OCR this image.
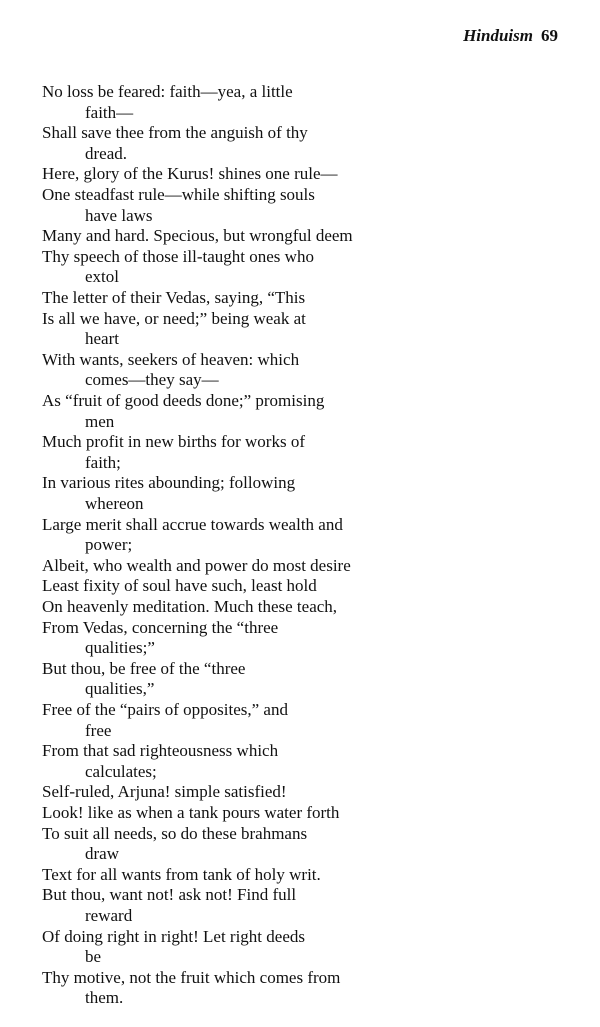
Hinduism 69
No loss be feared: faith—yea, a little
faith—
Shall save thee from the anguish of thy
dread.
Here, glory of the Kurus! shines one rule—
One steadfast rule—while shifting souls
have laws
Many and hard. Specious, but wrongful deem
Thy speech of those ill-taught ones who
extol
The letter of their Vedas, saying, “This
Is all we have, or need;” being weak at
heart
With wants, seekers of heaven: which
comes—they say—
As “fruit of good deeds done;” promising
men
Much profit in new births for works of
faith;
In various rites abounding; following
whereon
Large merit shall accrue towards wealth and
power;
Albeit, who wealth and power do most desire
Least fixity of soul have such, least hold
On heavenly meditation. Much these teach,
From Vedas, concerning the “three
qualities;”
But thou, be free of the “three
qualities,”
Free of the “pairs of opposites,” and
free
From that sad righteousness which
calculates;
Self-ruled, Arjuna! simple satisfied!
Look! like as when a tank pours water forth
To suit all needs, so do these brahmans
draw
Text for all wants from tank of holy writ.
But thou, want not! ask not! Find full
reward
Of doing right in right! Let right deeds
be
Thy motive, not the fruit which comes from
them.
